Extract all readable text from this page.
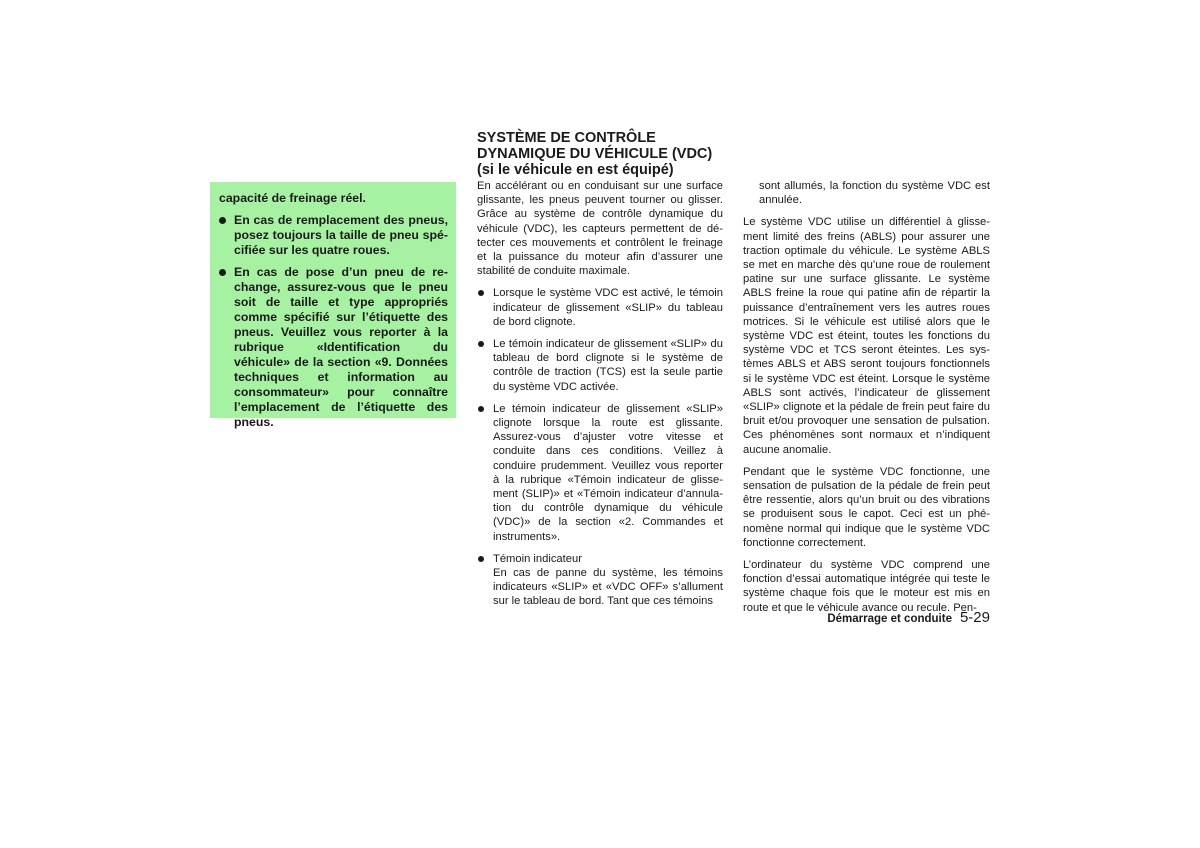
capacité de freinage réel.

En cas de remplacement des pneus, posez toujours la taille de pneu spécifiée sur les quatre roues.
En cas de pose d’un pneu de rechange, assurez-vous que le pneu soit de taille et type appropriés comme spécifié sur l’étiquette des pneus. Veuillez vous reporter à la rubrique «Identification du véhicule» de la section «9. Données techniques et information au consommateur» pour connaître l’emplacement de l’étiquette des pneus.
SYSTÈME DE CONTRÔLE
DYNAMIQUE DU VÉHICULE (VDC)
(si le véhicule en est équipé)

En accélérant ou en conduisant sur une surface glissante, les pneus peuvent tourner ou glisser. Grâce au système de contrôle dynamique du véhicule (VDC), les capteurs permettent de détecter ces mouvements et contrôlent le freinage et la puissance du moteur afin d’assurer une stabilité de conduite maximale.

Lorsque le système VDC est activé, le témoin indicateur de glissement «SLIP» du tableau de bord clignote.
Le témoin indicateur de glissement «SLIP» du tableau de bord clignote si le système de contrôle de traction (TCS) est la seule partie du système VDC activée.
Le témoin indicateur de glissement «SLIP» clignote lorsque la route est glissante. Assurez-vous d’ajuster votre vitesse et conduite dans ces conditions. Veillez à conduire prudemment. Veuillez vous reporter à la rubrique «Témoin indicateur de glissement (SLIP)» et «Témoin indicateur d’annulation du contrôle dynamique du véhicule (VDC)» de la section «2. Commandes et instruments».
Témoin indicateur
En cas de panne du système, les témoins indicateurs «SLIP» et «VDC OFF» s’allument sur le tableau de bord. Tant que ces témoins

sont allumés, la fonction du système VDC est annulée.

Le système VDC utilise un différentiel à glissement limité des freins (ABLS) pour assurer une traction optimale du véhicule. Le système ABLS se met en marche dès qu’une roue de roulement patine sur une surface glissante. Le système ABLS freine la roue qui patine afin de répartir la puissance d’entraînement vers les autres roues motrices. Si le véhicule est utilisé alors que le système VDC est éteint, toutes les fonctions du système VDC et TCS seront éteintes. Les systèmes ABLS et ABS seront toujours fonctionnels si le système VDC est éteint. Lorsque le système ABLS sont activés, l’indicateur de glissement «SLIP» clignote et la pédale de frein peut faire du bruit et/ou provoquer une sensation de pulsation. Ces phénomènes sont normaux et n’indiquent aucune anomalie.

Pendant que le système VDC fonctionne, une sensation de pulsation de la pédale de frein peut être ressentie, alors qu’un bruit ou des vibrations se produisent sous le capot. Ceci est un phénomène normal qui indique que le système VDC fonctionne correctement.

L’ordinateur du système VDC comprend une fonction d’essai automatique intégrée qui teste le système chaque fois que le moteur est mis en route et que le véhicule avance ou recule. Pen-

Démarrage et conduite 5-29
